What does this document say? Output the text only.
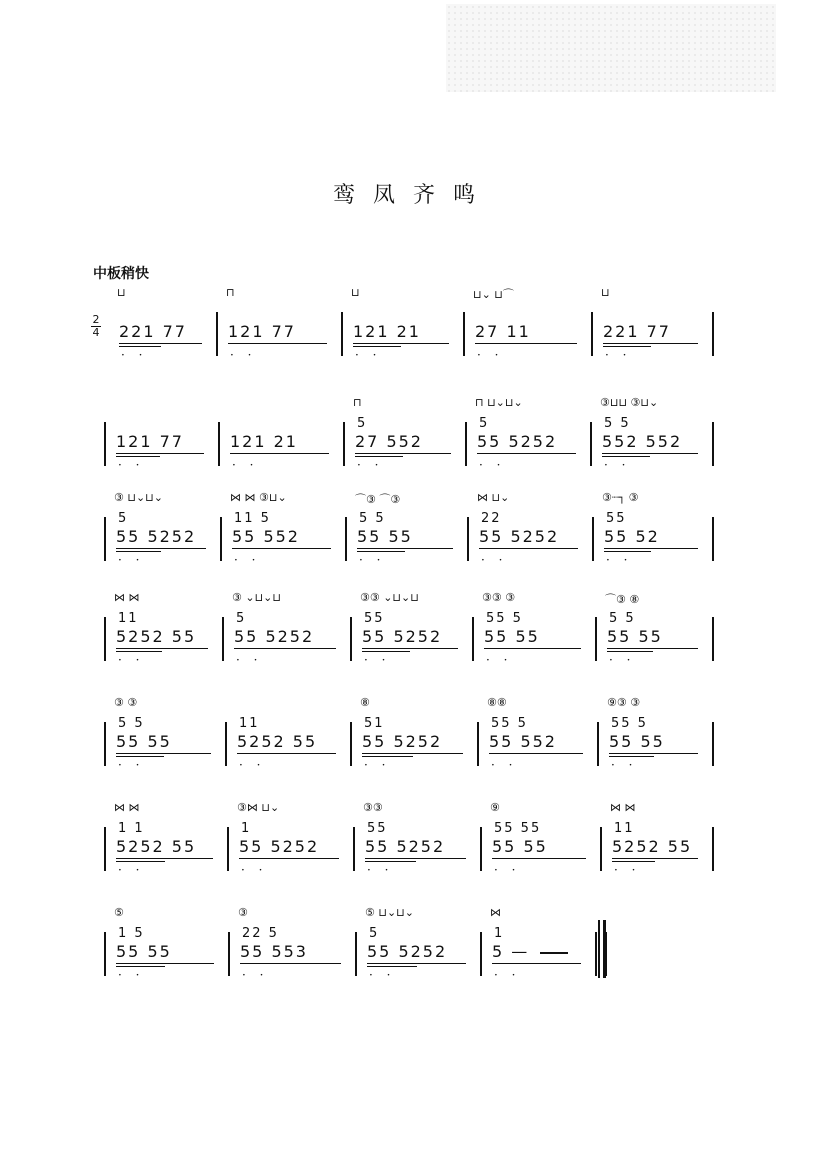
鸾凤齐鸣
中板稍快
2
4
⊔
221 77
· ·
⊓
121 77
· ·
⊔
121 21
· ·
⊔⌄ ⊔⌒
27 11
· ·
⊔
221 77
· ·
121 77
· ·
121 21
· ·
⊓
5
27 552
· ·
⊓ ⊔⌄⊔⌄
5
55 5252
· ·
③⊔⊔ ③⊔⌄
5 5
552 552
· ·
③ ⊔⌄⊔⌄
5
55 5252
· ·
⋈ ⋈ ③⊔⌄
11 5
55 552
· ·
⌒③ ⌒③
5 5
55 55
· ·
⋈ ⊔⌄
22
55 5252
· ·
③┈┐ ③
55
55 52
· ·
⋈ ⋈
11
5252 55
· ·
③ ⌄⊔⌄⊔
5
55 5252
· ·
③③ ⌄⊔⌄⊔
55
55 5252
· ·
③③ ③
55 5
55 55
· ·
⌒③ ⑧
5 5
55 55
· ·
③ ③
5 5
55 55
· ·
11
5252 55
· ·
⑧
51
55 5252
· ·
⑧⑧
55 5
55 552
· ·
⑨③ ③
55 5
55 55
· ·
⋈ ⋈
1 1
5252 55
· ·
③⋈ ⊔⌄
1
55 5252
· ·
③③
55
55 5252
· ·
⑨
55 55
55 55
· ·
⋈ ⋈
11
5252 55
· ·
⑤
1 5
55 55
· ·
③
22 5
55 553
· ·
⑤ ⊔⌄⊔⌄
5
55 5252
· ·
⋈
1
5 —
· ·
